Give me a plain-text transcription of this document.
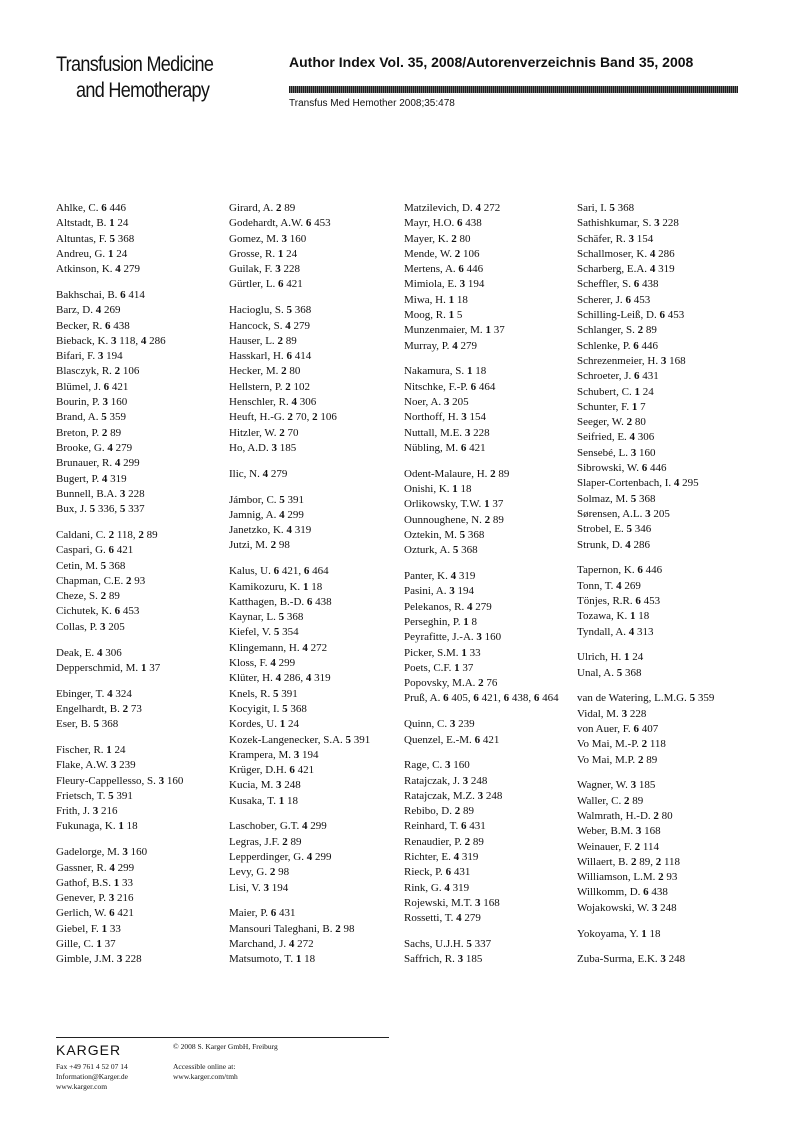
Transfusion Medicine
and Hemotherapy
Author Index Vol. 35, 2008/Autorenverzeichnis Band 35, 2008
Transfus Med Hemother 2008;35:478
Ahlke, C. 6 446
Altstadt, B. 1 24
Altuntas, F. 5 368
Andreu, G. 1 24
Atkinson, K. 4 279
Bakhschai, B. 6 414
Barz, D. 4 269
Becker, R. 6 438
Bieback, K. 3 118, 4 286
Bifari, F. 3 194
Blasczyk, R. 2 106
Blümel, J. 6 421
Bourin, P. 3 160
Brand, A. 5 359
Breton, P. 2 89
Brooke, G. 4 279
Brunauer, R. 4 299
Bugert, P. 4 319
Bunnell, B.A. 3 228
Bux, J. 5 336, 5 337
Caldani, C. 2 118, 2 89
Caspari, G. 6 421
Cetin, M. 5 368
Chapman, C.E. 2 93
Cheze, S. 2 89
Cichutek, K. 6 453
Collas, P. 3 205
Deak, E. 4 306
Depperschmid, M. 1 37
Ebinger, T. 4 324
Engelhardt, B. 2 73
Eser, B. 5 368
Fischer, R. 1 24
Flake, A.W. 3 239
Fleury-Cappellesso, S. 3 160
Frietsch, T. 5 391
Frith, J. 3 216
Fukunaga, K. 1 18
Gadelorge, M. 3 160
Gassner, R. 4 299
Gathof, B.S. 1 33
Genever, P. 3 216
Gerlich, W. 6 421
Giebel, F. 1 33
Gille, C. 1 37
Gimble, J.M. 3 228
Girard, A. 2 89
Godehardt, A.W. 6 453
Gomez, M. 3 160
Grosse, R. 1 24
Guilak, F. 3 228
Gürtler, L. 6 421
Hacioglu, S. 5 368
Hancock, S. 4 279
Hauser, L. 2 89
Hasskarl, H. 6 414
Hecker, M. 2 80
Hellstern, P. 2 102
Henschler, R. 4 306
Heuft, H.-G. 2 70, 2 106
Hitzler, W. 2 70
Ho, A.D. 3 185
Ilic, N. 4 279
Jámbor, C. 5 391
Jamnig, A. 4 299
Janetzko, K. 4 319
Jutzi, M. 2 98
Kalus, U. 6 421, 6 464
Kamikozuru, K. 1 18
Katthagen, B.-D. 6 438
Kaynar, L. 5 368
Kiefel, V. 5 354
Klingemann, H. 4 272
Kloss, F. 4 299
Klüter, H. 4 286, 4 319
Knels, R. 5 391
Kocyigit, I. 5 368
Kordes, U. 1 24
Kozek-Langenecker, S.A. 5 391
Krampera, M. 3 194
Krüger, D.H. 6 421
Kucia, M. 3 248
Kusaka, T. 1 18
Laschober, G.T. 4 299
Legras, J.F. 2 89
Lepperdinger, G. 4 299
Levy, G. 2 98
Lisi, V. 3 194
Maier, P. 6 431
Mansouri Taleghani, B. 2 98
Marchand, J. 4 272
Matsumoto, T. 1 18
Matzilevich, D. 4 272
Mayr, H.O. 6 438
Mayer, K. 2 80
Mende, W. 2 106
Mertens, A. 6 446
Mimiola, E. 3 194
Miwa, H. 1 18
Moog, R. 1 5
Munzenmaier, M. 1 37
Murray, P. 4 279
Nakamura, S. 1 18
Nitschke, F.-P. 6 464
Noer, A. 3 205
Northoff, H. 3 154
Nuttall, M.E. 3 228
Nübling, M. 6 421
Odent-Malaure, H. 2 89
Onishi, K. 1 18
Orlikowsky, T.W. 1 37
Ounnoughene, N. 2 89
Oztekin, M. 5 368
Ozturk, A. 5 368
Panter, K. 4 319
Pasini, A. 3 194
Pelekanos, R. 4 279
Perseghin, P. 1 8
Peyrafitte, J.-A. 3 160
Picker, S.M. 1 33
Poets, C.F. 1 37
Popovsky, M.A. 2 76
Pruß, A. 6 405, 6 421, 6 438, 6 464
Quinn, C. 3 239
Quenzel, E.-M. 6 421
Rage, C. 3 160
Ratajczak, J. 3 248
Ratajczak, M.Z. 3 248
Rebibo, D. 2 89
Reinhard, T. 6 431
Renaudier, P. 2 89
Richter, E. 4 319
Rieck, P. 6 431
Rink, G. 4 319
Rojewski, M.T. 3 168
Rossetti, T. 4 279
Sachs, U.J.H. 5 337
Saffrich, R. 3 185
Sari, I. 5 368
Sathishkumar, S. 3 228
Schäfer, R. 3 154
Schallmoser, K. 4 286
Scharberg, E.A. 4 319
Scheffler, S. 6 438
Scherer, J. 6 453
Schilling-Leiß, D. 6 453
Schlanger, S. 2 89
Schlenke, P. 6 446
Schrezenmeier, H. 3 168
Schroeter, J. 6 431
Schubert, C. 1 24
Schunter, F. 1 7
Seeger, W. 2 80
Seifried, E. 4 306
Sensebé, L. 3 160
Sibrowski, W. 6 446
Slaper-Cortenbach, I. 4 295
Solmaz, M. 5 368
Sørensen, A.L. 3 205
Strobel, E. 5 346
Strunk, D. 4 286
Tapernon, K. 6 446
Tonn, T. 4 269
Tönjes, R.R. 6 453
Tozawa, K. 1 18
Tyndall, A. 4 313
Ulrich, H. 1 24
Unal, A. 5 368
van de Watering, L.M.G. 5 359
Vidal, M. 3 228
von Auer, F. 6 407
Vo Mai, M.-P. 2 118
Vo Mai, M.P. 2 89
Wagner, W. 3 185
Waller, C. 2 89
Walmrath, H.-D. 2 80
Weber, B.M. 3 168
Weinauer, F. 2 114
Willaert, B. 2 89, 2 118
Williamson, L.M. 2 93
Willkomm, D. 6 438
Wojakowski, W. 3 248
Yokoyama, Y. 1 18
Zuba-Surma, E.K. 3 248
KARGER
Fax +49 761 4 52 07 14
Information@Karger.de
www.karger.com
© 2008 S. Karger GmbH, Freiburg
Accessible online at:
www.karger.com/tmh
